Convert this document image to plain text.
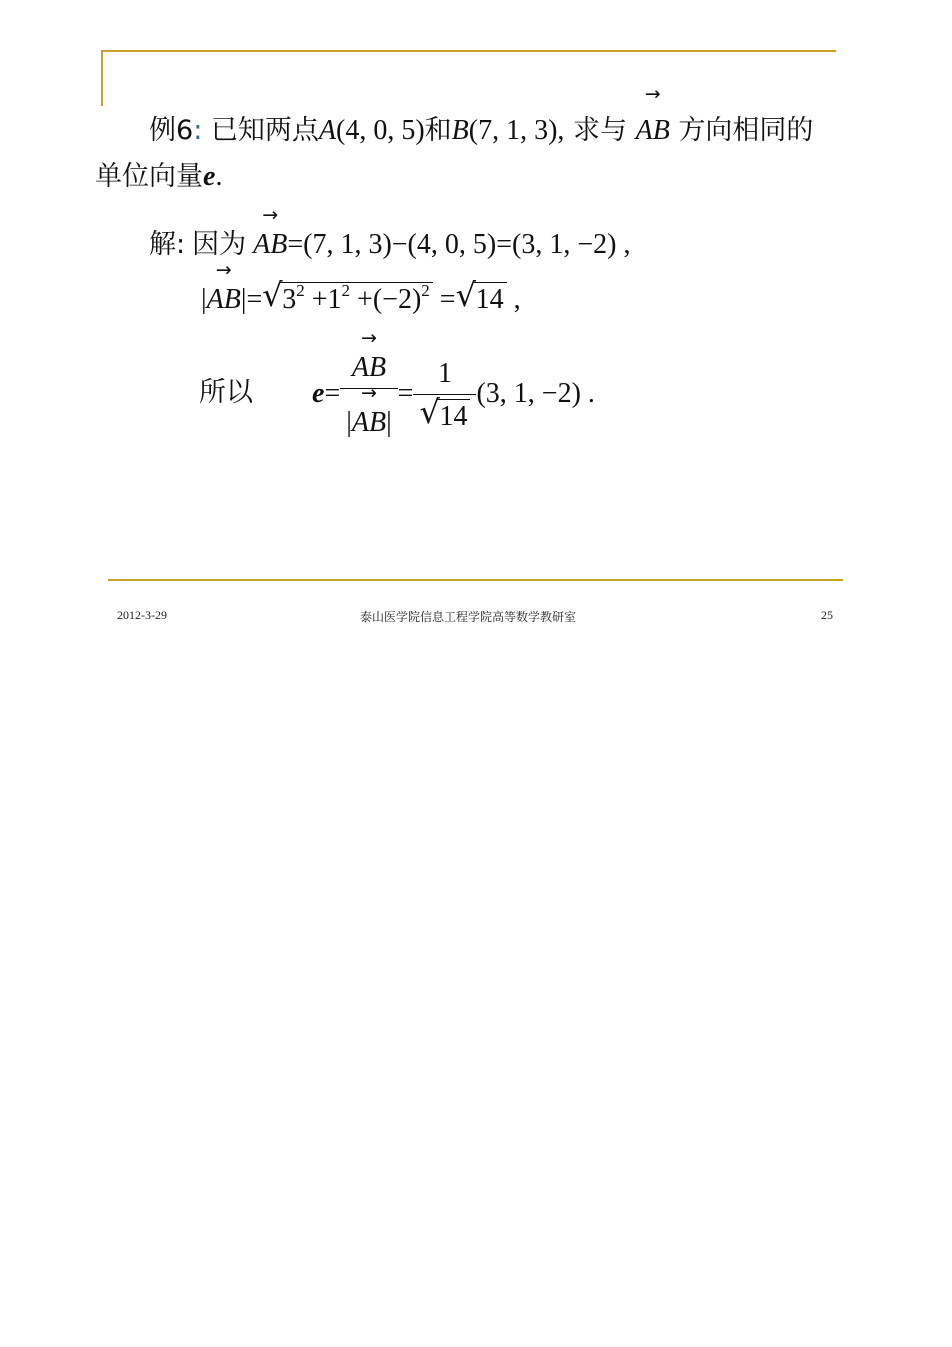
例6: 已知两点A(4, 0, 5)和B(7, 1, 3), 求与
→
AB 方向相同的
单位向量e.
解: 因为
→
AB=(7, 1, 3)−(4, 0, 5)=(3, 1, −2) ,
|
→
AB|= √ $3^2 +1^2 +(-2)^2$ = √ 14 ,
所以 e= →
AB
|
→
$AB| = \frac{1}{√ 14} (3$, 1, −2) .
2012-3-29	泰山医学院信息工程学院高等数学教研室	25
